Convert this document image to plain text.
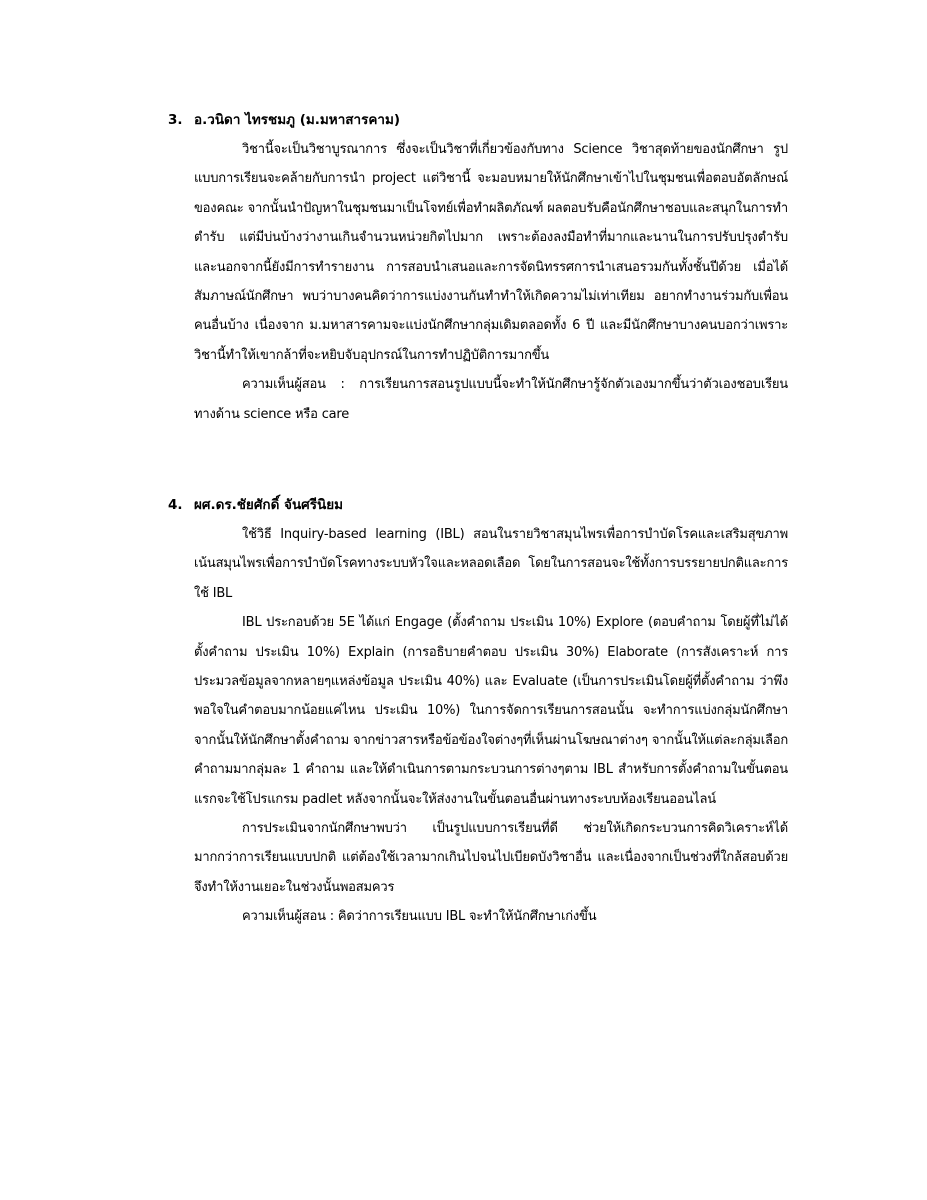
3. อ.วนิดา ไทรชมภู (ม.มหาสารคาม)

วิชานี้จะเป็นวิชาบูรณาการ ซึ่งจะเป็นวิชาที่เกี่ยวข้องกับทาง Science วิชาสุดท้ายของนักศึกษา รูปแบบการเรียนจะคล้ายกับการนำ project แต่วิชานี้ จะมอบหมายให้นักศึกษาเข้าไปในชุมชนเพื่อตอบอัตลักษณ์ของคณะ จากนั้นนำปัญหาในชุมชนมาเป็นโจทย์เพื่อทำผลิตภัณฑ์ ผลตอบรับคือนักศึกษาชอบและสนุกในการทำตำรับ แต่มีบ่นบ้างว่างานเกินจำนวนหน่วยกิตไปมาก เพราะต้องลงมือทำที่มากและนานในการปรับปรุงตำรับ และนอกจากนี้ยังมีการทำรายงาน การสอบนำเสนอและการจัดนิทรรศการนำเสนอรวมกันทั้งชั้นปีด้วย เมื่อได้สัมภาษณ์นักศึกษา พบว่าบางคนคิดว่าการแบ่งงานกันทำทำให้เกิดความไม่เท่าเทียม อยากทำงานร่วมกับเพื่อนคนอื่นบ้าง เนื่องจาก ม.มหาสารคามจะแบ่งนักศึกษากลุ่มเดิมตลอดทั้ง 6 ปี และมีนักศึกษาบางคนบอกว่าเพราะวิชานี้ทำให้เขากล้าที่จะหยิบจับอุปกรณ์ในการทำปฏิบัติการมากขึ้น

ความเห็นผู้สอน : การเรียนการสอนรูปแบบนี้จะทำให้นักศึกษารู้จักตัวเองมากขึ้นว่าตัวเองชอบเรียนทางด้าน science หรือ care

4. ผศ.ดร.ชัยศักดิ์ จันศรีนิยม

ใช้วิธี Inquiry-based learning (IBL) สอนในรายวิชาสมุนไพรเพื่อการบำบัดโรคและเสริมสุขภาพ เน้นสมุนไพรเพื่อการบำบัดโรคทางระบบหัวใจและหลอดเลือด โดยในการสอนจะใช้ทั้งการบรรยายปกติและการใช้ IBL

IBL ประกอบด้วย 5E ได้แก่ Engage (ตั้งคำถาม ประเมิน 10%) Explore (ตอบคำถาม โดยผู้ที่ไม่ได้ตั้งคำถาม ประเมิน 10%) Explain (การอธิบายคำตอบ ประเมิน 30%) Elaborate (การสังเคราะห์ การประมวลข้อมูลจากหลายๆแหล่งข้อมูล ประเมิน 40%) และ Evaluate (เป็นการประเมินโดยผู้ที่ตั้งคำถาม ว่าพึงพอใจในคำตอบมากน้อยแค่ไหน ประเมิน 10%) ในการจัดการเรียนการสอนนั้น จะทำการแบ่งกลุ่มนักศึกษา จากนั้นให้นักศึกษาตั้งคำถาม จากข่าวสารหรือข้อข้องใจต่างๆที่เห็นผ่านโฆษณาต่างๆ จากนั้นให้แต่ละกลุ่มเลือกคำถามมากลุ่มละ 1 คำถาม และให้ดำเนินการตามกระบวนการต่างๆตาม IBL สำหรับการตั้งคำถามในขั้นตอนแรกจะใช้โปรแกรม padlet หลังจากนั้นจะให้ส่งงานในขั้นตอนอื่นผ่านทางระบบห้องเรียนออนไลน์

การประเมินจากนักศึกษาพบว่า เป็นรูปแบบการเรียนที่ดี ช่วยให้เกิดกระบวนการคิดวิเคราะห์ได้มากกว่าการเรียนแบบปกติ แต่ต้องใช้เวลามากเกินไปจนไปเบียดบังวิชาอื่น และเนื่องจากเป็นช่วงที่ใกล้สอบด้วย จึงทำให้งานเยอะในช่วงนั้นพอสมควร

ความเห็นผู้สอน : คิดว่าการเรียนแบบ IBL จะทำให้นักศึกษาเก่งขึ้น
